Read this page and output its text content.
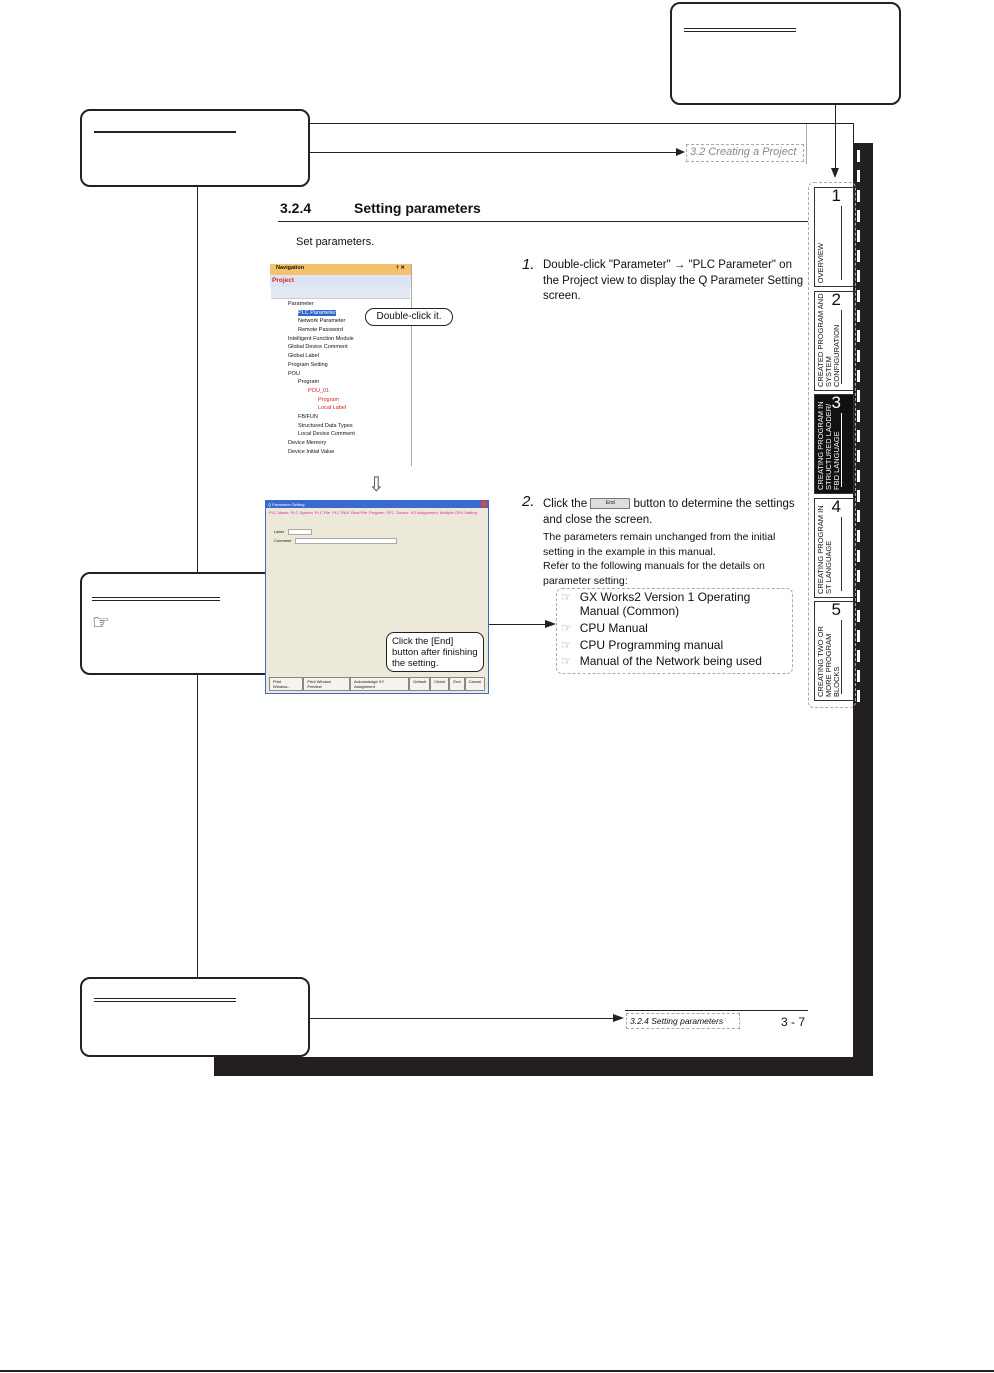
☞
3.2 Creating a Project
3.2.4	Setting parameters
Set parameters.
Navigation	† ✕
Project
Parameter
PLC Parameter
Network Parameter
Remote Password
Intelligent Function Module
Global Device Comment
Global Label
Program Setting
POU
Program
POU_01
Program
Local Label
FB/FUN
Structured Data Types
Local Device Comment
Device Memory
Device Initial Value
Double-click it.
⇩
Q Parameter Setting
PLC Name PLC System PLC File PLC RAS Boot File Program SFC Device I/O Assignment Multiple CPU Setting
Label
Comment
Print Window...
Print Window Preview
Acknowledge XY Assignment
Default	Check	End	Cancel
Click the [End] button after finishing the setting.
1. Double-click "Parameter" → "PLC Parameter" on the Project view to display the Q Parameter Setting screen.
2. Click the	End button to determine the settings and close the screen.
The parameters remain unchanged from the initial setting in the example in this manual.
Refer to the following manuals for the details on parameter setting:
☞ GX Works2 Version 1 Operating Manual (Common)
☞ CPU Manual
☞ CPU Programming manual
☞ Manual of the Network being used
1
OVERVIEW
2
CREATED PROGRAM AND SYSTEM CONFIGURATION
3
CREATING PROGRAM IN STRUCTURED LADDER/ FBD LANGUAGE
4
CREATING PROGRAM IN ST LANGUAGE
5
CREATING TWO OR MORE PROGRAM BLOCKS
3.2.4 Setting parameters	3 - 7
